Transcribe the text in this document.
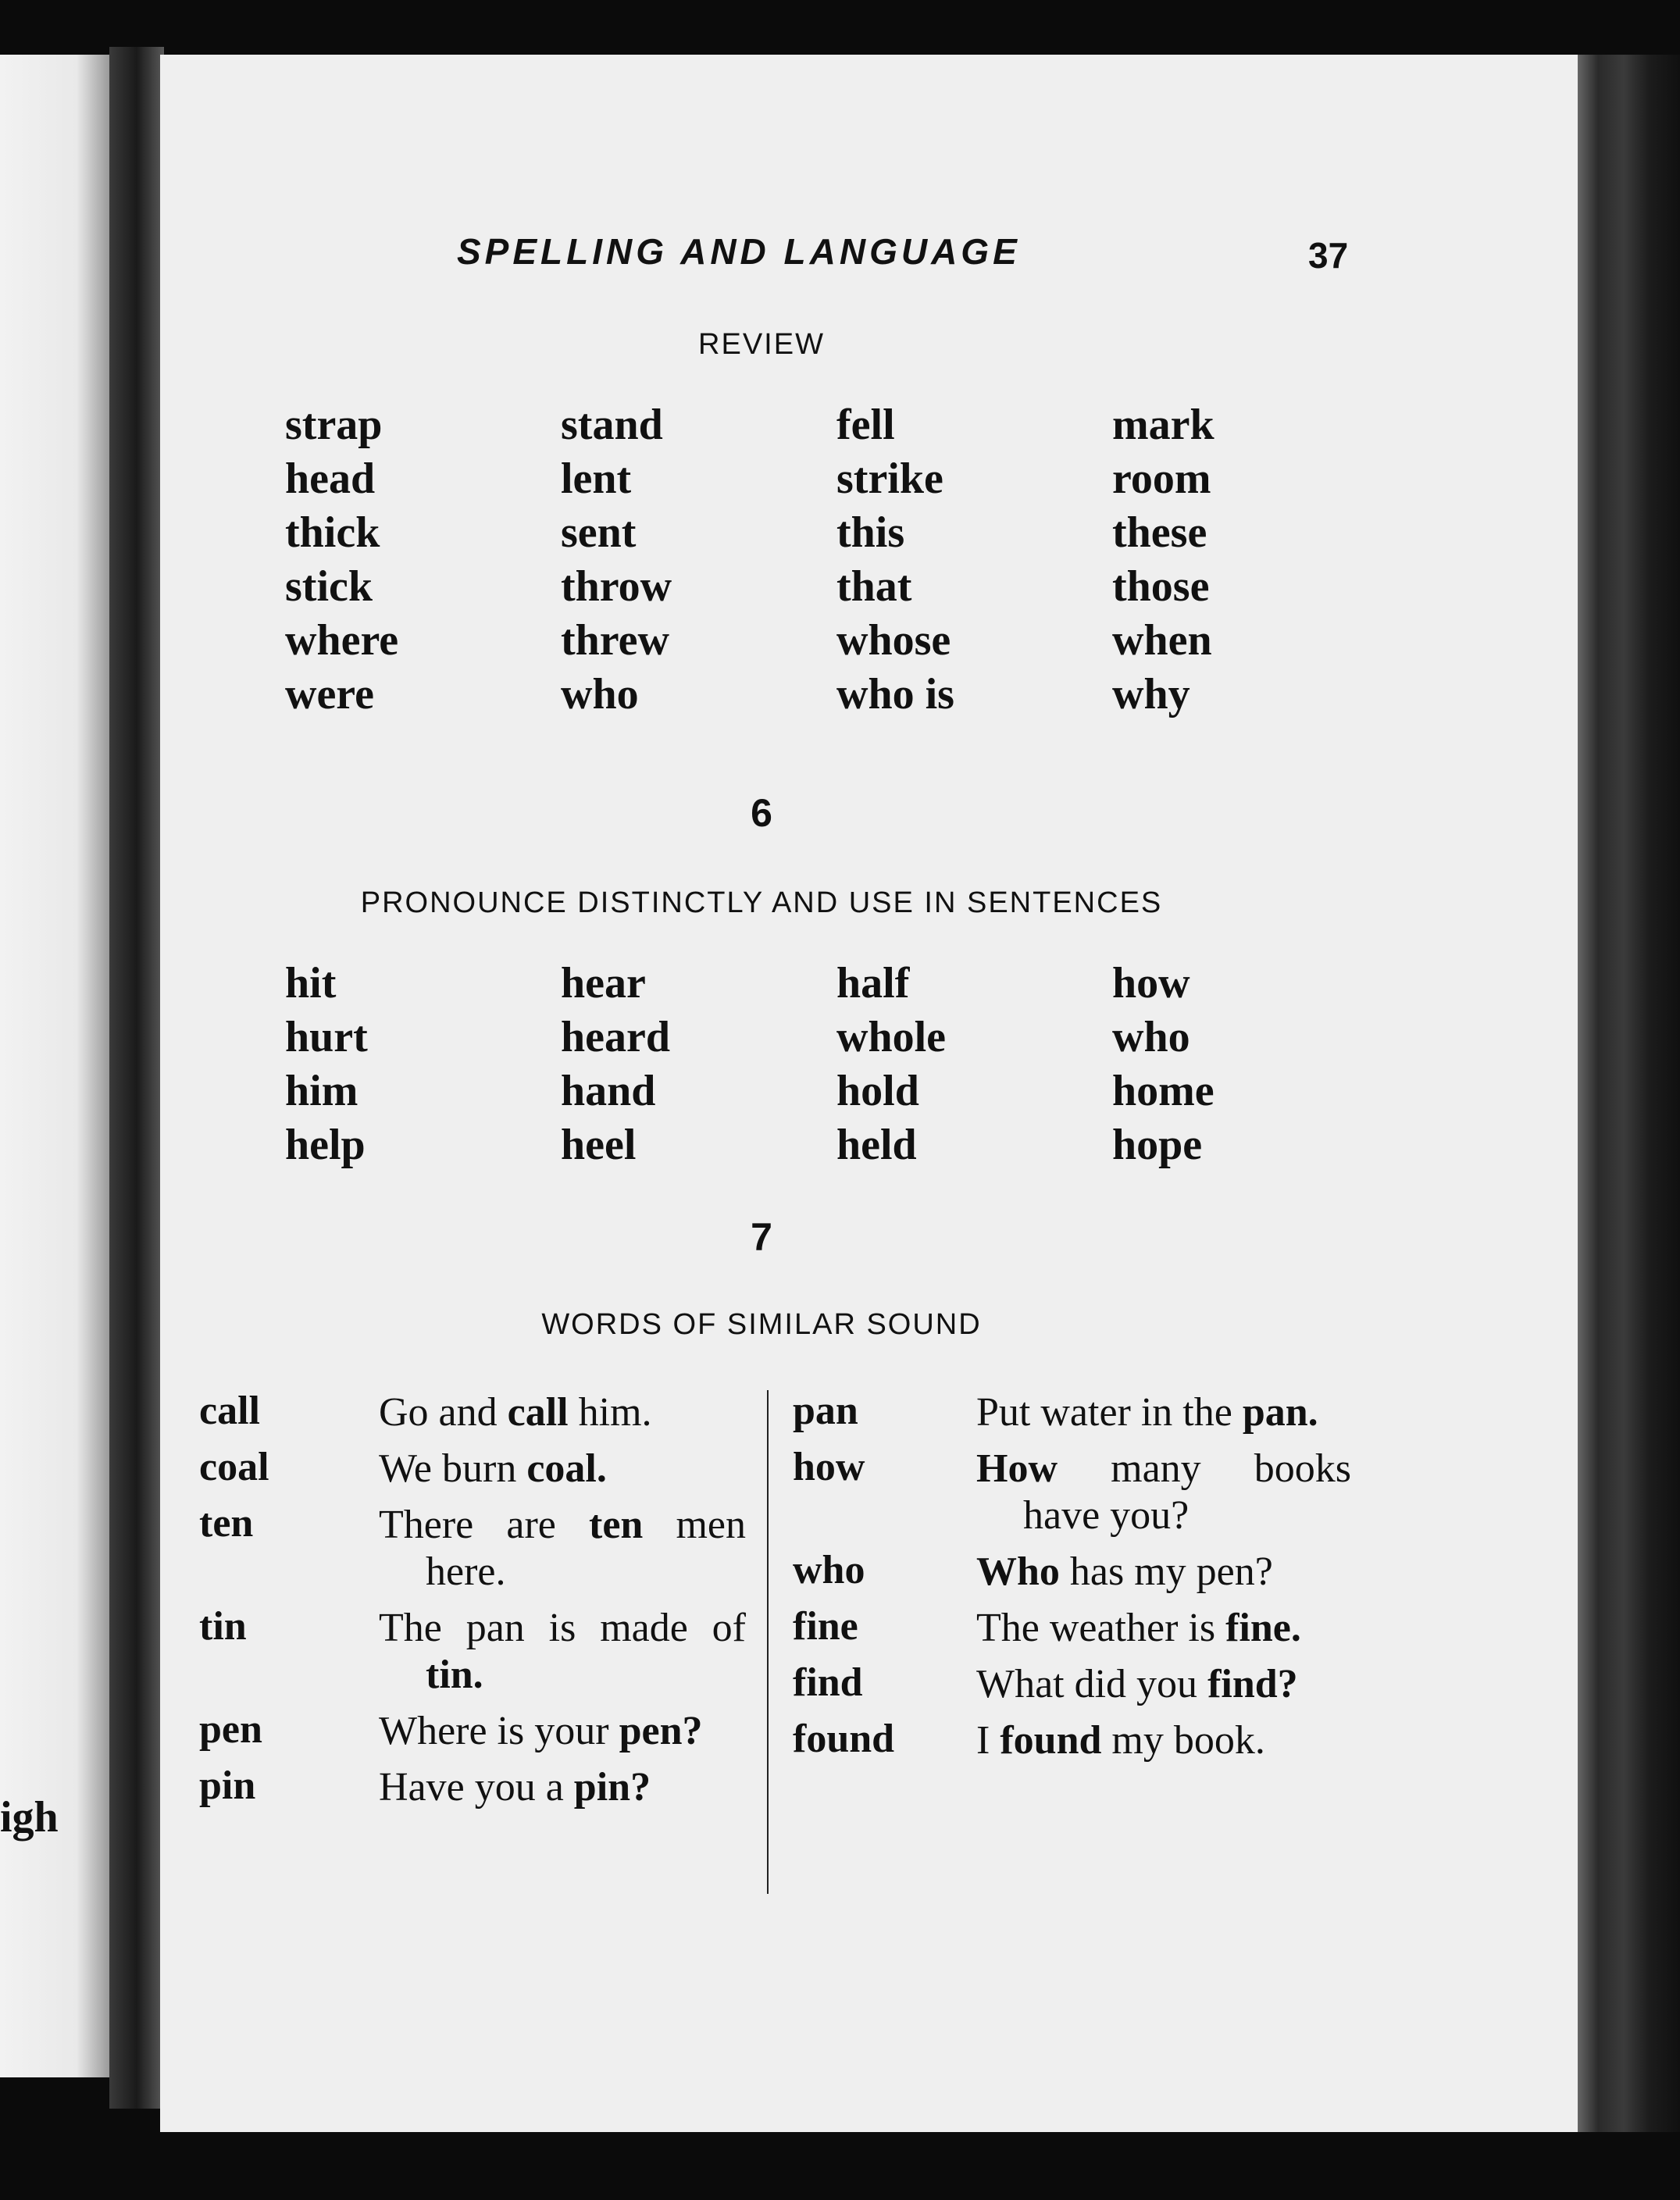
igh
SPELLING AND LANGUAGE	37
REVIEW
strap	stand	fell	mark
head	lent	strike	room
thick	sent	this	these
stick	throw	that	those
where	threw	whose	when
were	who	who is	why
6
PRONOUNCE DISTINCTLY AND USE IN SENTENCES
hit	hear	half	how
hurt	heard	whole	who
him	hand	hold	home
help	heel	held	hope
7
WORDS OF SIMILAR SOUND
call	Go and call him.
coal	We burn coal.
ten	There are ten men here.
tin	The pan is made of tin.
pen	Where is your pen?
pin	Have you a pin?
pan	Put water in the pan.
how	How many books have you?
who	Who has my pen?
fine	The weather is fine.
find	What did you find?
found I found my book.
